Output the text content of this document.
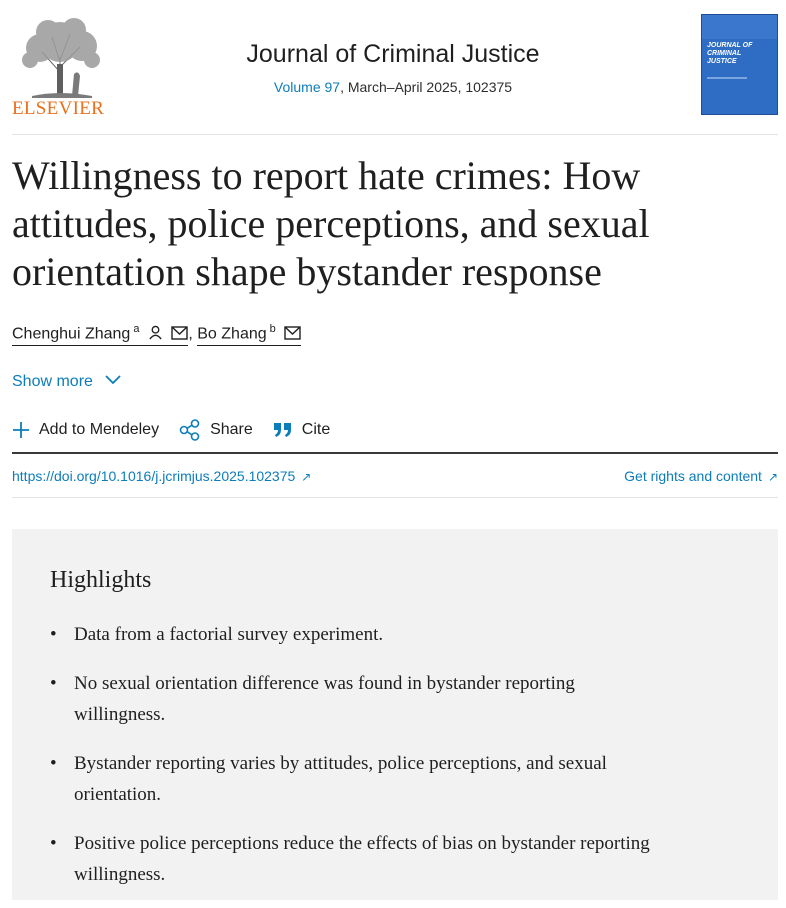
ELSEVIER
Journal of Criminal Justice
Volume 97, March–April 2025, 102375
JOURNAL OF CRIMINAL JUSTICE
Willingness to report hate crimes: How attitudes, police perceptions, and sexual orientation shape bystander response
Chenghui Zhang $^a$	, Bo Zhang $^b$
Show more
Add to Mendeley	Share	Cite
https://doi.org/10.1016/j.jcrimjus.2025.102375 ↗	Get rights and content ↗
Highlights
• Data from a factorial survey experiment.
• No sexual orientation difference was found in bystander reporting willingness.
• Bystander reporting varies by attitudes, police perceptions, and sexual orientation.
• Positive police perceptions reduce the effects of bias on bystander reporting willingness.
